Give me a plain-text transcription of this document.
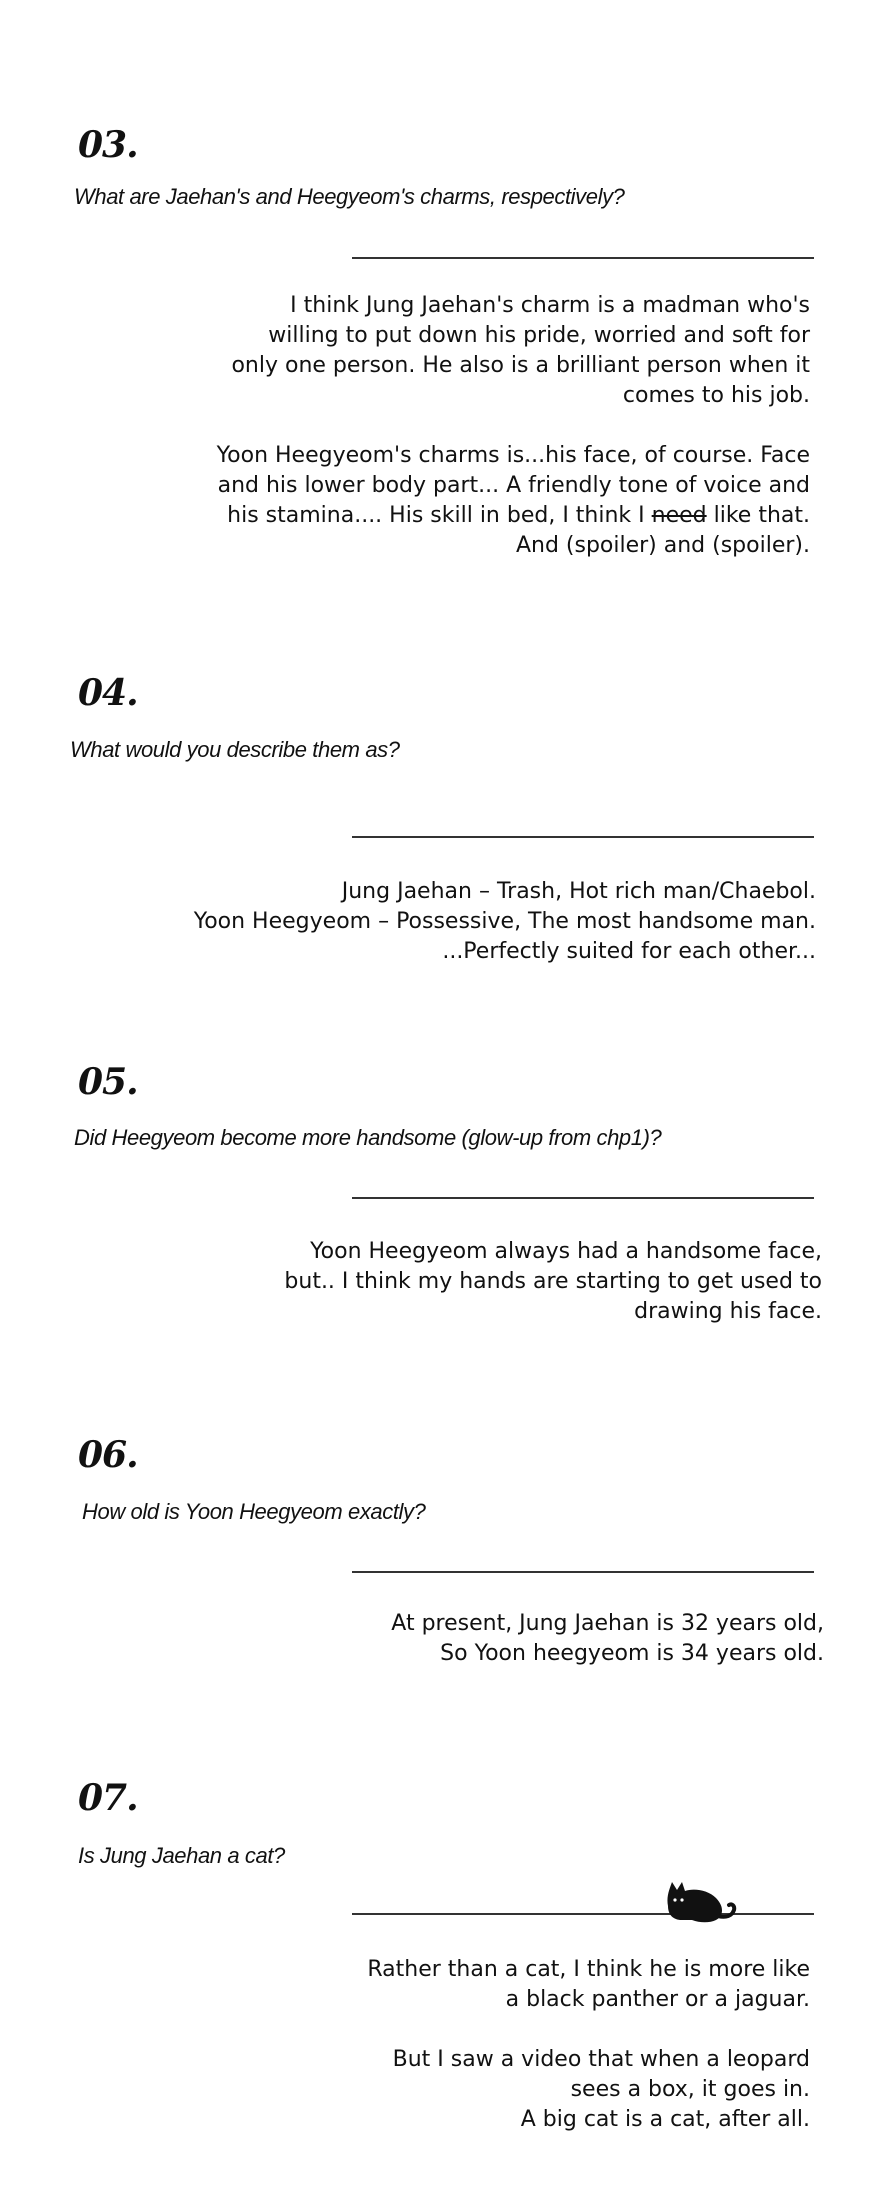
03.
What are Jaehan's and Heegyeom's charms, respectively?

I think Jung Jaehan's charm is a madman who's

willing to put down his pride, worried and soft for

only one person. He also is a brilliant person when it

comes to his job.

Yoon Heegyeom's charms is...his face, of course. Face

and his lower body part... A friendly tone of voice and

his stamina.... His skill in bed, I think I need like that.

And (spoiler) and (spoiler).

04.
What would you describe them as?

Jung Jaehan – Trash, Hot rich man/Chaebol.

Yoon Heegyeom – Possessive, The most handsome man.

...Perfectly suited for each other...

05.
Did Heegyeom become more handsome (glow-up from chp1)?

Yoon Heegyeom always had a handsome face,

but.. I think my hands are starting to get used to

drawing his face.

06.
How old is Yoon Heegyeom exactly?

At present, Jung Jaehan is 32 years old,

So Yoon heegyeom is 34 years old.

07.
Is Jung Jaehan a cat?

Rather than a cat, I think he is more like

a black panther or a jaguar.

But I saw a video that when a leopard

sees a box, it goes in.

A big cat is a cat, after all.
